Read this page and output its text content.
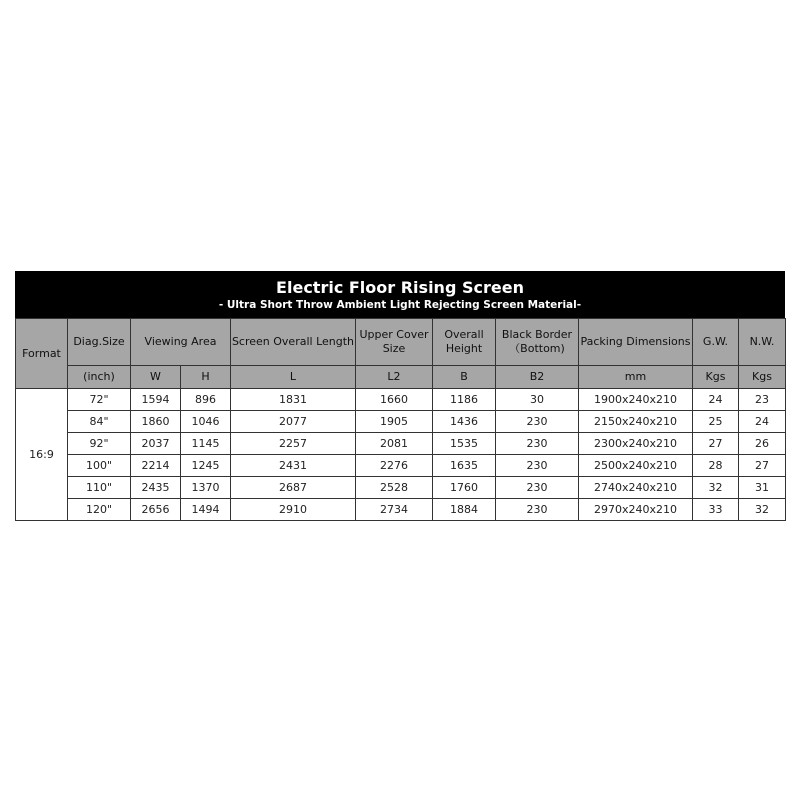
Electric Floor Rising Screen
- Ultra Short Throw Ambient Light Rejecting Screen Material-
Format	Diag.Size	Viewing Area		Screen Overall Length	Upper Cover Size	Overall Height	Black Border （Bottom)	Packing Dimensions	G.W.	N.W.
	(inch)	W	H	L	L2	B	B2	mm	Kgs	Kgs
16:9	72"	1594	896	1831	1660	1186	30	1900x240x210	24	23
	84"	1860	1046	2077	1905	1436	230	2150x240x210	25	24
	92"	2037	1145	2257	2081	1535	230	2300x240x210	27	26
	100"	2214	1245	2431	2276	1635	230	2500x240x210	28	27
	110"	2435	1370	2687	2528	1760	230	2740x240x210	32	31
	120"	2656	1494	2910	2734	1884	230	2970x240x210	33	32
